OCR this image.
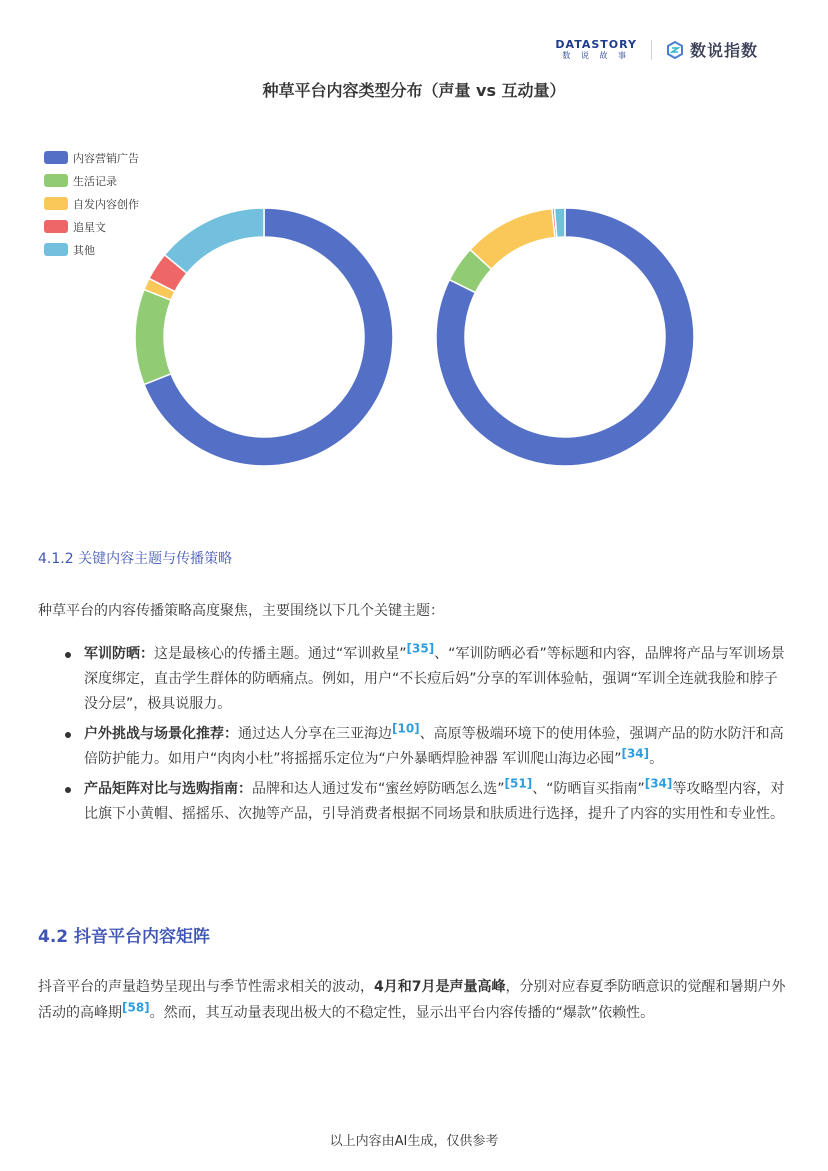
DATASTORY
数 说 故 事	数说指数
种草平台内容类型分布（声量 vs 互动量）
内容营销广告
生活记录
自发内容创作
追星文
其他
4.1.2 关键内容主题与传播策略
种草平台的内容传播策略高度聚焦，主要围绕以下几个关键主题：
军训防晒：这是最核心的传播主题。通过“军训救星”[35]、“军训防晒必看”等标题和内容，品牌将产品与军训场景深度绑定，直击学生群体的防晒痛点。例如，用户“不长痘后妈”分享的军训体验帖，强调“军训全连就我脸和脖子没分层”，极具说服力。
户外挑战与场景化推荐：通过达人分享在三亚海边[10]、高原等极端环境下的使用体验，强调产品的防水防汗和高倍防护能力。如用户“肉肉小杜”将摇摇乐定位为“户外暴晒焊脸神器 军训爬山海边必囤”[34]。
产品矩阵对比与选购指南：品牌和达人通过发布“蜜丝婷防晒怎么选”[51]、“防晒盲买指南”[34]等攻略型内容，对比旗下小黄帽、摇摇乐、次抛等产品，引导消费者根据不同场景和肤质进行选择，提升了内容的实用性和专业性。
4.2 抖音平台内容矩阵
抖音平台的声量趋势呈现出与季节性需求相关的波动，4月和7月是声量高峰，分别对应春夏季防晒意识的觉醒和暑期户外活动的高峰期[58]。然而，其互动量表现出极大的不稳定性，显示出平台内容传播的“爆款”依赖性。
以上内容由AI生成，仅供参考
